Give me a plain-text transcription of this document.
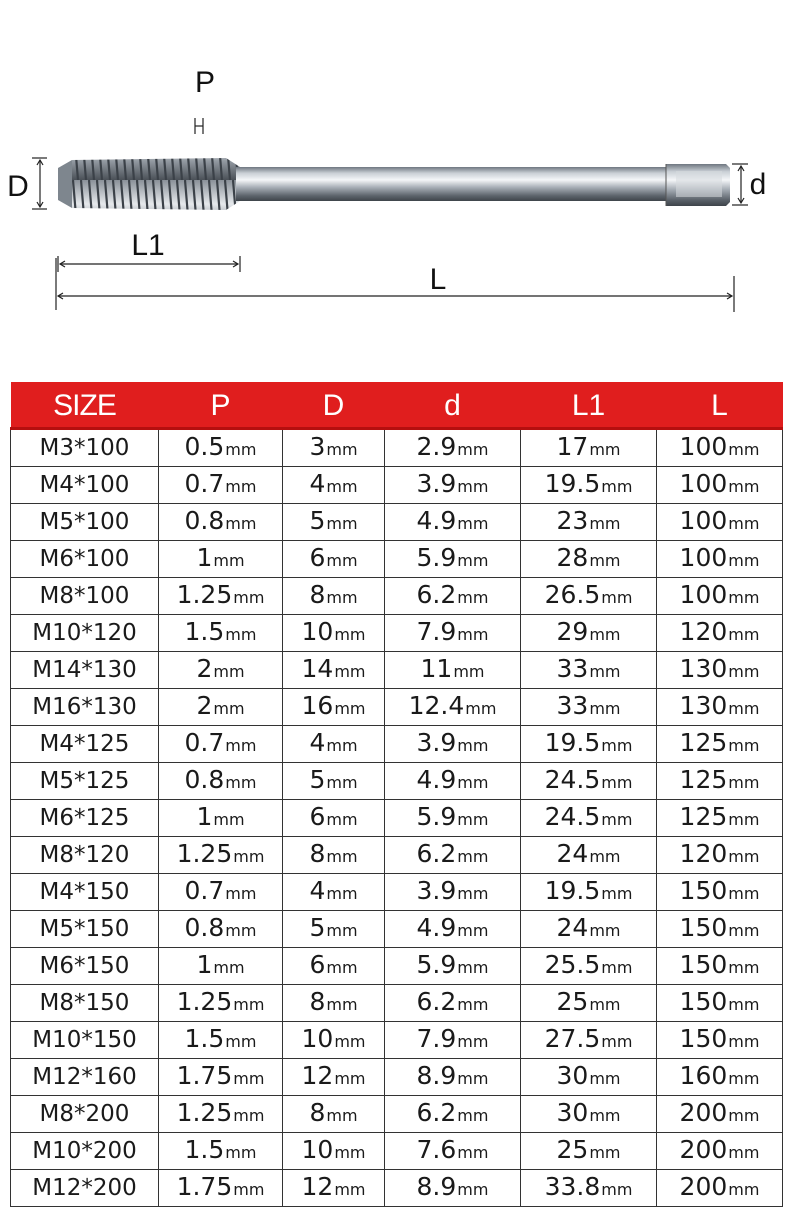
P
D	d
L1
L
SIZE	P	D	d	L1	L
M3*100	0.5mm	3mm	2.9mm	17mm	100mm
M4*100	0.7mm	4mm	3.9mm	19.5mm	100mm
M5*100	0.8mm	5mm	4.9mm	23mm	100mm
M6*100	1mm	6mm	5.9mm	28mm	100mm
M8*100	1.25mm	8mm	6.2mm	26.5mm	100mm
M10*120	1.5mm	10mm	7.9mm	29mm	120mm
M14*130	2mm	14mm	11mm	33mm	130mm
M16*130	2mm	16mm	12.4mm	33mm	130mm
M4*125	0.7mm	4mm	3.9mm	19.5mm	125mm
M5*125	0.8mm	5mm	4.9mm	24.5mm	125mm
M6*125	1mm	6mm	5.9mm	24.5mm	125mm
M8*120	1.25mm	8mm	6.2mm	24mm	120mm
M4*150	0.7mm	4mm	3.9mm	19.5mm	150mm
M5*150	0.8mm	5mm	4.9mm	24mm	150mm
M6*150	1mm	6mm	5.9mm	25.5mm	150mm
M8*150	1.25mm	8mm	6.2mm	25mm	150mm
M10*150	1.5mm	10mm	7.9mm	27.5mm	150mm
M12*160	1.75mm	12mm	8.9mm	30mm	160mm
M8*200	1.25mm	8mm	6.2mm	30mm	200mm
M10*200	1.5mm	10mm	7.6mm	25mm	200mm
M12*200	1.75mm	12mm	8.9mm	33.8mm	200mm
